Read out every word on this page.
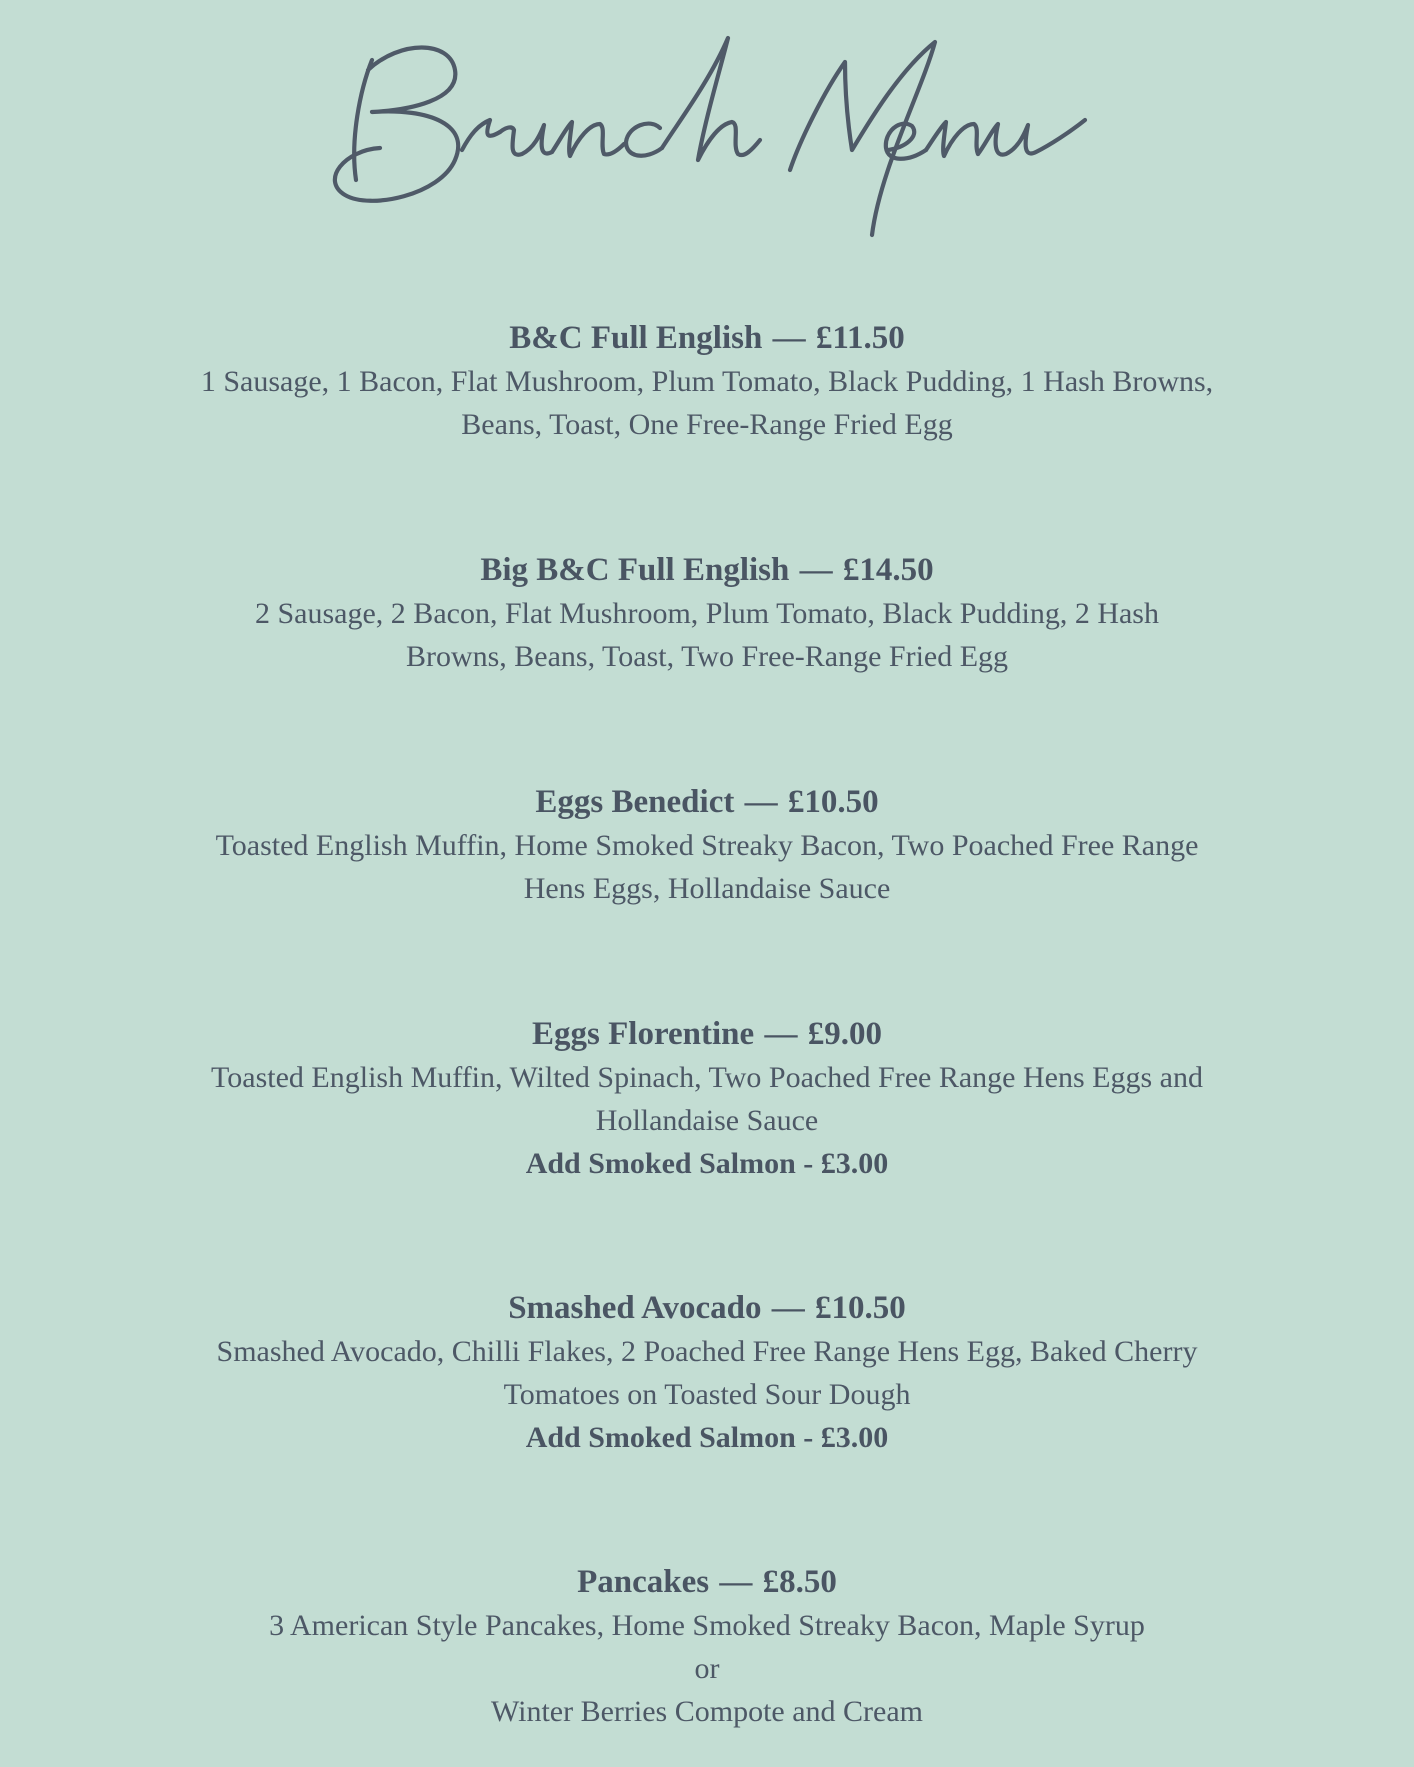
B&C Full English — £11.50
1 Sausage, 1 Bacon, Flat Mushroom, Plum Tomato, Black Pudding, 1 Hash Browns,
Beans, Toast, One Free-Range Fried Egg
Big B&C Full English — £14.50
2 Sausage, 2 Bacon, Flat Mushroom, Plum Tomato, Black Pudding, 2 Hash
Browns, Beans, Toast, Two Free-Range Fried Egg
Eggs Benedict — £10.50
Toasted English Muffin, Home Smoked Streaky Bacon, Two Poached Free Range
Hens Eggs, Hollandaise Sauce
Eggs Florentine — £9.00
Toasted English Muffin, Wilted Spinach, Two Poached Free Range Hens Eggs and
Hollandaise Sauce
Add Smoked Salmon - £3.00
Smashed Avocado — £10.50
Smashed Avocado, Chilli Flakes, 2 Poached Free Range Hens Egg, Baked Cherry
Tomatoes on Toasted Sour Dough
Add Smoked Salmon - £3.00
Pancakes — £8.50
3 American Style Pancakes, Home Smoked Streaky Bacon, Maple Syrup
or
Winter Berries Compote and Cream
